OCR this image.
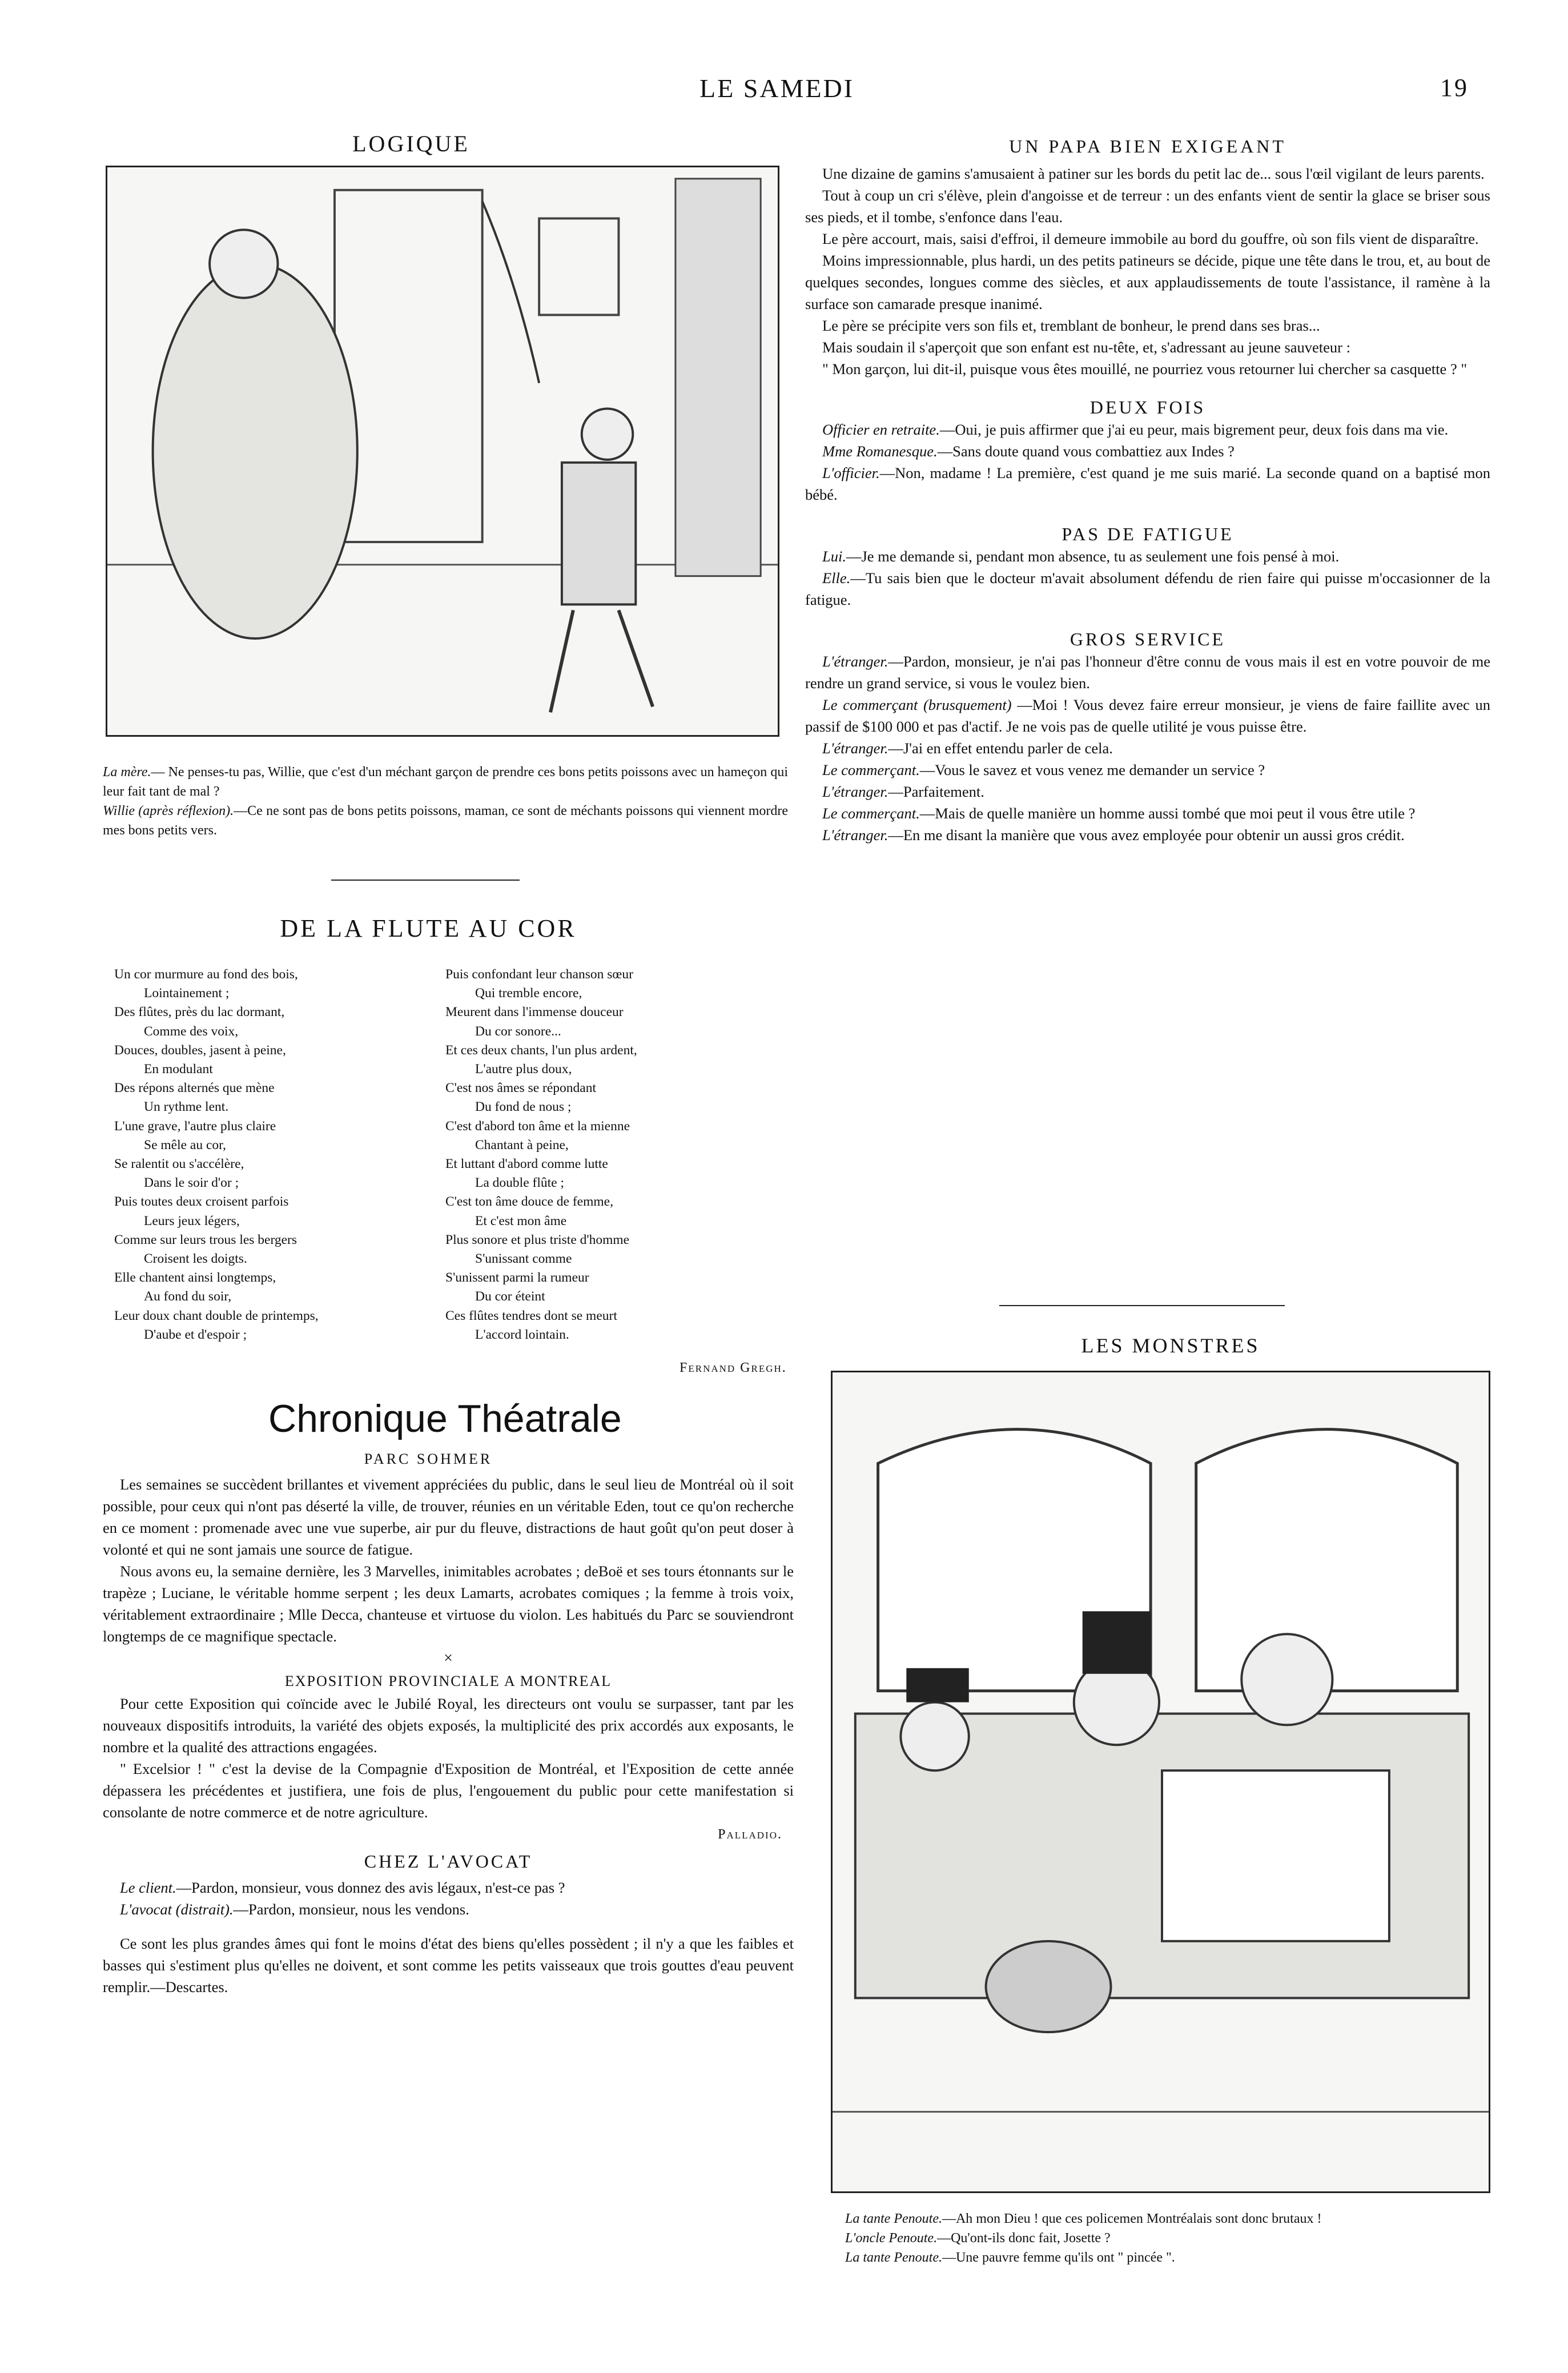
LE SAMEDI	19
LOGIQUE
La mère.— Ne penses-tu pas, Willie, que c'est d'un méchant garçon de prendre ces bons petits poissons avec un hameçon qui leur fait tant de mal ?
Willie (après réflexion).—Ce ne sont pas de bons petits poissons, maman, ce sont de méchants poissons qui viennent mordre mes bons petits vers.
DE LA FLUTE AU COR
Un cor murmure au fond des bois,
Lointainement ;
Des flûtes, près du lac dormant,
Comme des voix,
Douces, doubles, jasent à peine,
En modulant
Des répons alternés que mène
Un rythme lent.
L'une grave, l'autre plus claire
Se mêle au cor,
Se ralentit ou s'accélère,
Dans le soir d'or ;
Puis toutes deux croisent parfois
Leurs jeux légers,
Comme sur leurs trous les bergers
Croisent les doigts.
Elle chantent ainsi longtemps,
Au fond du soir,
Leur doux chant double de printemps,
D'aube et d'espoir ;
Puis confondant leur chanson sœur
Qui tremble encore,
Meurent dans l'immense douceur
Du cor sonore...
Et ces deux chants, l'un plus ardent,
L'autre plus doux,
C'est nos âmes se répondant
Du fond de nous ;
C'est d'abord ton âme et la mienne
Chantant à peine,
Et luttant d'abord comme lutte
La double flûte ;
C'est ton âme douce de femme,
Et c'est mon âme
Plus sonore et plus triste d'homme
S'unissant comme
S'unissent parmi la rumeur
Du cor éteint
Ces flûtes tendres dont se meurt
L'accord lointain.
Fernand Gregh.
Chronique Théatrale
PARC SOHMER

Les semaines se succèdent brillantes et vivement appréciées du public, dans le seul lieu de Montréal où il soit possible, pour ceux qui n'ont pas déserté la ville, de trouver, réunies en un véritable Eden, tout ce qu'on recherche en ce moment : promenade avec une vue superbe, air pur du fleuve, distractions de haut goût qu'on peut doser à volonté et qui ne sont jamais une source de fatigue.

Nous avons eu, la semaine dernière, les 3 Marvelles, inimitables acrobates ; deBoë et ses tours étonnants sur le trapèze ; Luciane, le véritable homme serpent ; les deux Lamarts, acrobates comiques ; la femme à trois voix, véritablement extraordinaire ; Mlle Decca, chanteuse et virtuose du violon. Les habitués du Parc se souviendront longtemps de ce magnifique spectacle.

×
EXPOSITION PROVINCIALE A MONTREAL

Pour cette Exposition qui coïncide avec le Jubilé Royal, les directeurs ont voulu se surpasser, tant par les nouveaux dispositifs introduits, la variété des objets exposés, la multiplicité des prix accordés aux exposants, le nombre et la qualité des attractions engagées.

" Excelsior ! " c'est la devise de la Compagnie d'Exposition de Montréal, et l'Exposition de cette année dépassera les précédentes et justifiera, une fois de plus, l'engouement du public pour cette manifestation si consolante de notre commerce et de notre agriculture.

Palladio.
CHEZ L'AVOCAT
Le client.—Pardon, monsieur, vous donnez des avis légaux, n'est-ce pas ?
L'avocat (distrait).—Pardon, monsieur, nous les vendons.

Ce sont les plus grandes âmes qui font le moins d'état des biens qu'elles possèdent ; il n'y a que les faibles et basses qui s'estiment plus qu'elles ne doivent, et sont comme les petits vaisseaux que trois gouttes d'eau peuvent remplir.—Descartes.

UN PAPA BIEN EXIGEANT

Une dizaine de gamins s'amusaient à patiner sur les bords du petit lac de... sous l'œil vigilant de leurs parents.

Tout à coup un cri s'élève, plein d'angoisse et de terreur : un des enfants vient de sentir la glace se briser sous ses pieds, et il tombe, s'enfonce dans l'eau.

Le père accourt, mais, saisi d'effroi, il demeure immobile au bord du gouffre, où son fils vient de disparaître.

Moins impressionnable, plus hardi, un des petits patineurs se décide, pique une tête dans le trou, et, au bout de quelques secondes, longues comme des siècles, et aux applaudissements de toute l'assistance, il ramène à la surface son camarade presque inanimé.

Le père se précipite vers son fils et, tremblant de bonheur, le prend dans ses bras...

Mais soudain il s'aperçoit que son enfant est nu-tête, et, s'adressant au jeune sauveteur :

" Mon garçon, lui dit-il, puisque vous êtes mouillé, ne pourriez vous retourner lui chercher sa casquette ? "

DEUX FOIS
Officier en retraite.—Oui, je puis affirmer que j'ai eu peur, mais bigrement peur, deux fois dans ma vie.
Mme Romanesque.—Sans doute quand vous combattiez aux Indes ?
L'officier.—Non, madame ! La première, c'est quand je me suis marié. La seconde quand on a baptisé mon bébé.
PAS DE FATIGUE
Lui.—Je me demande si, pendant mon absence, tu as seulement une fois pensé à moi.
Elle.—Tu sais bien que le docteur m'avait absolument défendu de rien faire qui puisse m'occasionner de la fatigue.
GROS SERVICE
L'étranger.—Pardon, monsieur, je n'ai pas l'honneur d'être connu de vous mais il est en votre pouvoir de me rendre un grand service, si vous le voulez bien.
Le commerçant (brusquement) —Moi ! Vous devez faire erreur monsieur, je viens de faire faillite avec un passif de $100 000 et pas d'actif. Je ne vois pas de quelle utilité je vous puisse être.
L'étranger.—J'ai en effet entendu parler de cela.
Le commerçant.—Vous le savez et vous venez me demander un service ?
L'étranger.—Parfaitement.
Le commerçant.—Mais de quelle manière un homme aussi tombé que moi peut il vous être utile ?
L'étranger.—En me disant la manière que vous avez employée pour obtenir un aussi gros crédit.
LES MONSTRES
La tante Penoute.—Ah mon Dieu ! que ces policemen Montréalais sont donc brutaux !
L'oncle Penoute.—Qu'ont-ils donc fait, Josette ?
La tante Penoute.—Une pauvre femme qu'ils ont " pincée ".
